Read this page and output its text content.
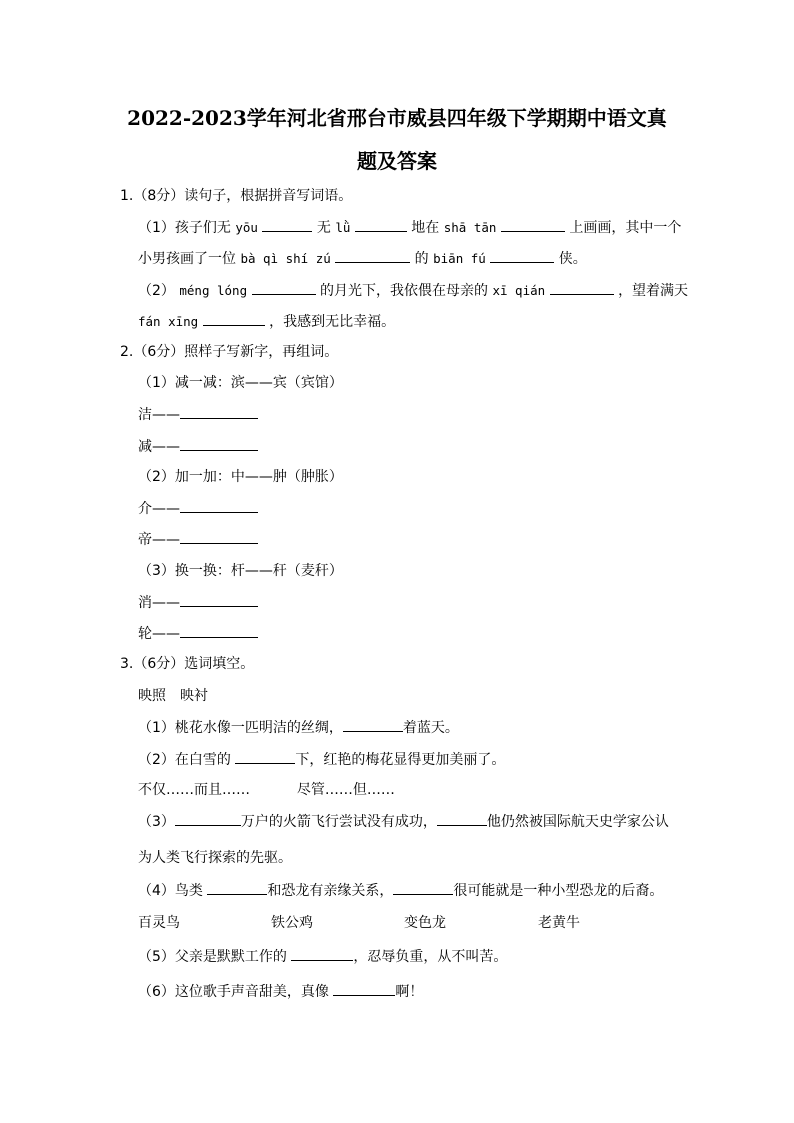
2022-2023学年河北省邢台市威县四年级下学期期中语文真
题及答案
1.（8分）读句子，根据拼音写词语。
（1）孩子们无 yōu	无 lǜ	地在 shā tān	上画画，其中一个
小男孩画了一位 bà qì shí zú	的 biān fú	侠。
（2） méng lóng	的月光下，我依偎在母亲的 xī qián	，望着满天
fán xīng	，我感到无比幸福。
2.（6分）照样子写新字，再组词。
（1）减一减：滨——宾（宾馆）
洁——
减——
（2）加一加：中——肿（肿胀）
介——
帝——
（3）换一换：杆——秆（麦秆）
消——
轮——
3.（6分）选词填空。
映照　映衬
（1）桃花水像一匹明洁的丝绸，	着蓝天。
（2）在白雪的	下，红艳的梅花显得更加美丽了。
不仅……而且……	尽管……但……
（3）	万户的火箭飞行尝试没有成功，	他仍然被国际航天史学家公认
为人类飞行探索的先驱。
（4）鸟类	和恐龙有亲缘关系，	很可能就是一种小型恐龙的后裔。
百灵鸟	铁公鸡	变色龙	老黄牛
（5）父亲是默默工作的	，忍辱负重，从不叫苦。
（6）这位歌手声音甜美，真像	啊！
